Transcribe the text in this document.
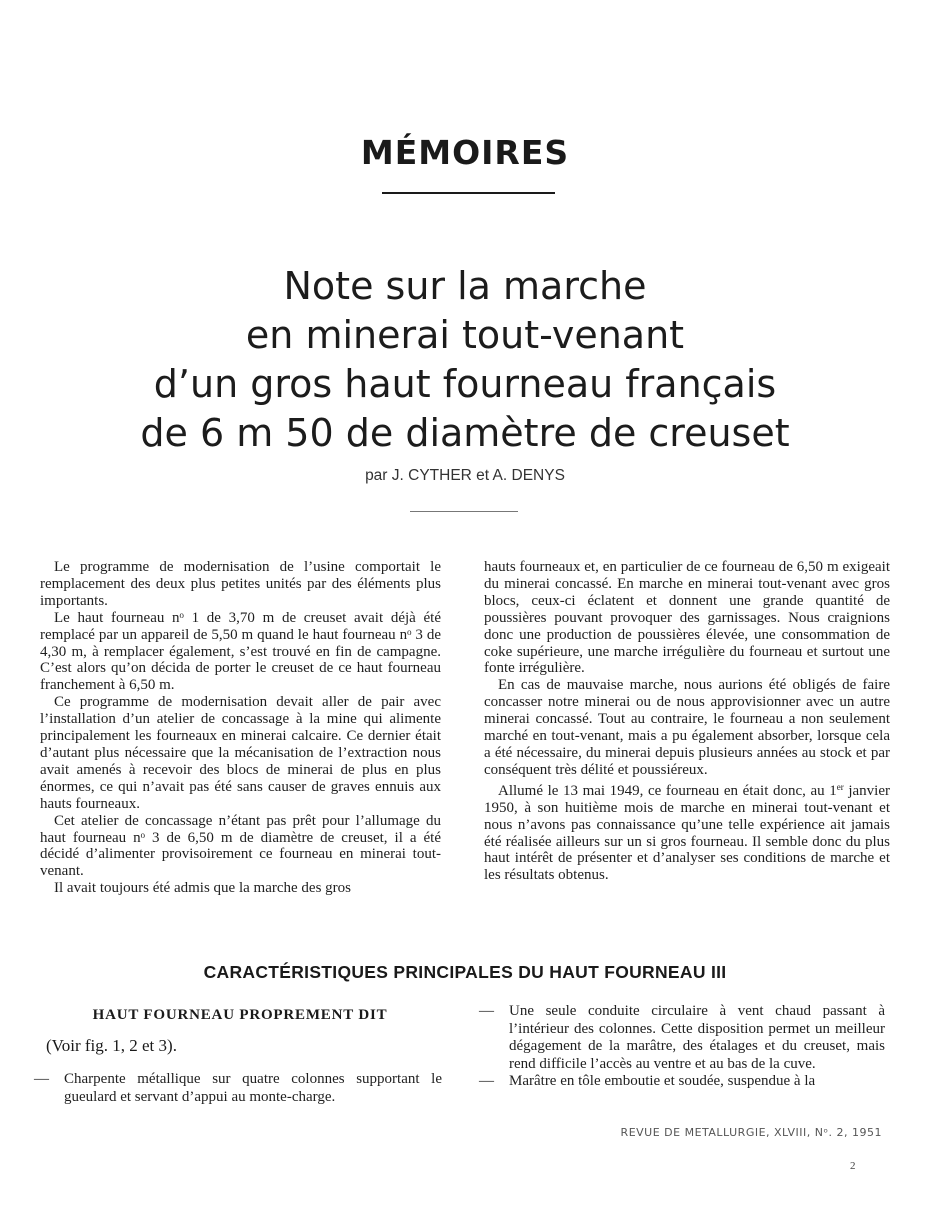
MÉMOIRES
Note sur la marche
en minerai tout-venant
d’un gros haut fourneau français
de 6 m 50 de diamètre de creuset
par J. CYTHER et A. DENYS

Le programme de modernisation de l’usine comportait le remplacement des deux plus petites unités par des éléments plus importants.

Le haut fourneau nᵒ 1 de 3,70 m de creuset avait déjà été remplacé par un appareil de 5,50 m quand le haut fourneau nᵒ 3 de 4,30 m, à remplacer également, s’est trouvé en fin de campagne. C’est alors qu’on décida de porter le creuset de ce haut fourneau franchement à 6,50 m.

Ce programme de modernisation devait aller de pair avec l’installation d’un atelier de concassage à la mine qui alimente principalement les fourneaux en minerai calcaire. Ce dernier était d’autant plus nécessaire que la mécanisation de l’extraction nous avait amenés à recevoir des blocs de minerai de plus en plus énormes, ce qui n’avait pas été sans causer de graves ennuis aux hauts fourneaux.

Cet atelier de concassage n’étant pas prêt pour l’allumage du haut fourneau nᵒ 3 de 6,50 m de diamètre de creuset, il a été décidé d’alimenter provisoirement ce fourneau en minerai tout-venant.

Il avait toujours été admis que la marche des gros

hauts fourneaux et, en particulier de ce fourneau de 6,50 m exigeait du minerai concassé. En marche en minerai tout-venant avec gros blocs, ceux-ci éclatent et donnent une grande quantité de poussières pouvant provoquer des garnissages. Nous craignions donc une production de poussières élevée, une consommation de coke supérieure, une marche irrégulière du fourneau et surtout une fonte irrégulière.

En cas de mauvaise marche, nous aurions été obligés de faire concasser notre minerai ou de nous approvisionner avec un autre minerai concassé. Tout au contraire, le fourneau a non seulement marché en tout-venant, mais a pu également absorber, lorsque cela a été nécessaire, du minerai depuis plusieurs années au stock et par conséquent très délité et poussiéreux.

Allumé le 13 mai 1949, ce fourneau en était donc, au 1er janvier 1950, à son huitième mois de marche en minerai tout-venant et nous n’avons pas connaissance qu’une telle expérience ait jamais été réalisée ailleurs sur un si gros fourneau. Il semble donc du plus haut intérêt de présenter et d’analyser ses conditions de marche et les résultats obtenus.

CARACTÉRISTIQUES PRINCIPALES DU HAUT FOURNEAU III
HAUT FOURNEAU PROPREMENT DIT
(Voir fig. 1, 2 et 3).
— Charpente métallique sur quatre colonnes supportant le gueulard et servant d’appui au monte-charge.
— Une seule conduite circulaire à vent chaud passant à l’intérieur des colonnes. Cette disposition permet un meilleur dégagement de la marâtre, des étalages et du creuset, mais rend difficile l’accès au ventre et au bas de la cuve.
— Marâtre en tôle emboutie et soudée, suspendue à la
REVUE DE METALLURGIE, XLVIII, Nᵒ. 2, 1951
2
